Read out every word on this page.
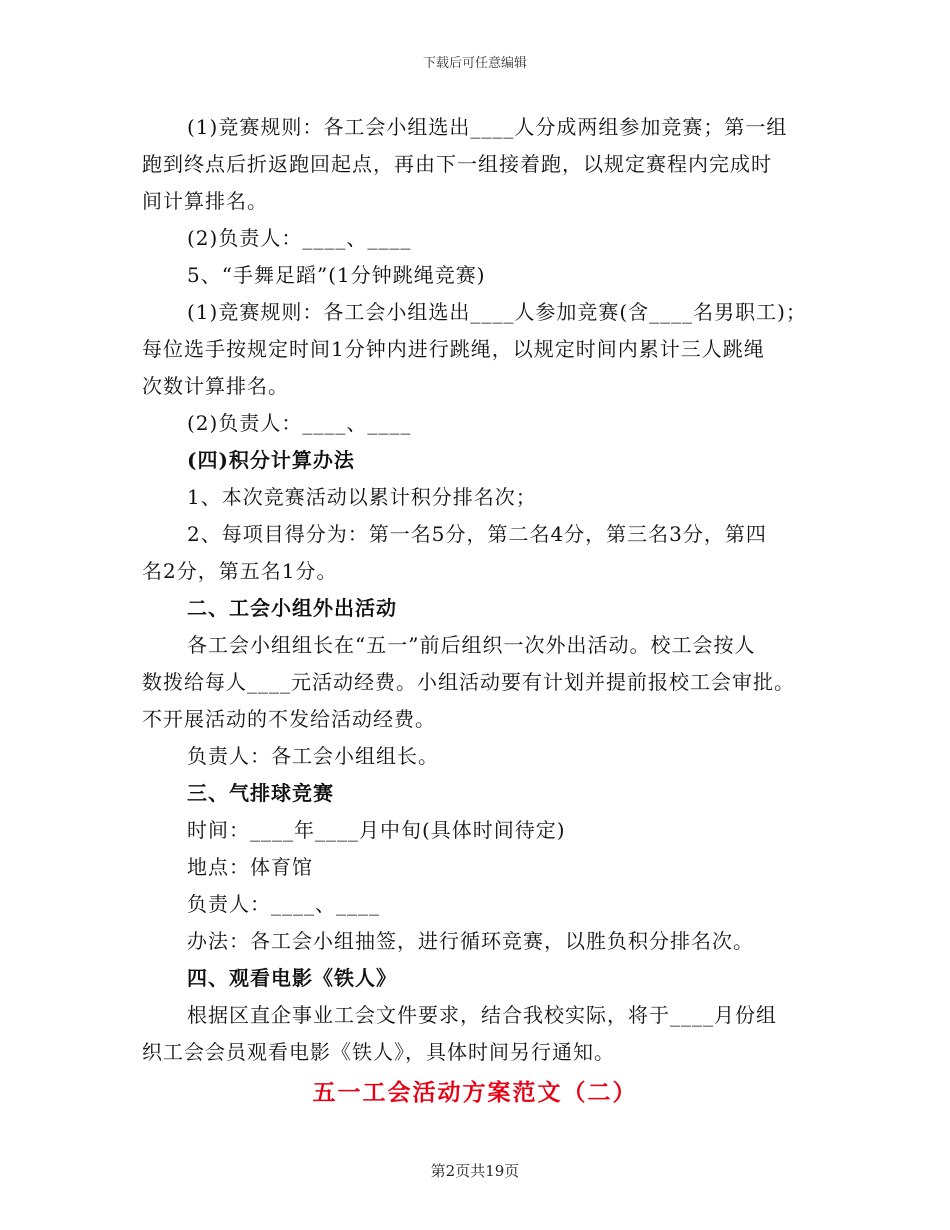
下载后可任意编辑
(1)竞赛规则：各工会小组选出____人分成两组参加竞赛；第一组
跑到终点后折返跑回起点，再由下一组接着跑，以规定赛程内完成时
间计算排名。
(2)负责人：____、____
5、“手舞足蹈”(1分钟跳绳竞赛)
(1)竞赛规则：各工会小组选出____人参加竞赛(含____名男职工)；
每位选手按规定时间1分钟内进行跳绳，以规定时间内累计三人跳绳
次数计算排名。
(2)负责人：____、____
(四)积分计算办法
1、本次竞赛活动以累计积分排名次；
2、每项目得分为：第一名5分，第二名4分，第三名3分，第四
名2分，第五名1分。
二、工会小组外出活动
各工会小组组长在“五一”前后组织一次外出活动。校工会按人
数拨给每人____元活动经费。小组活动要有计划并提前报校工会审批。
不开展活动的不发给活动经费。
负责人：各工会小组组长。
三、气排球竞赛
时间：____年____月中旬(具体时间待定)
地点：体育馆
负责人：____、____
办法：各工会小组抽签，进行循环竞赛，以胜负积分排名次。
四、观看电影《铁人》
根据区直企事业工会文件要求，结合我校实际，将于____月份组
织工会会员观看电影《铁人》，具体时间另行通知。
五一工会活动方案范文（二）
第2页共19页
